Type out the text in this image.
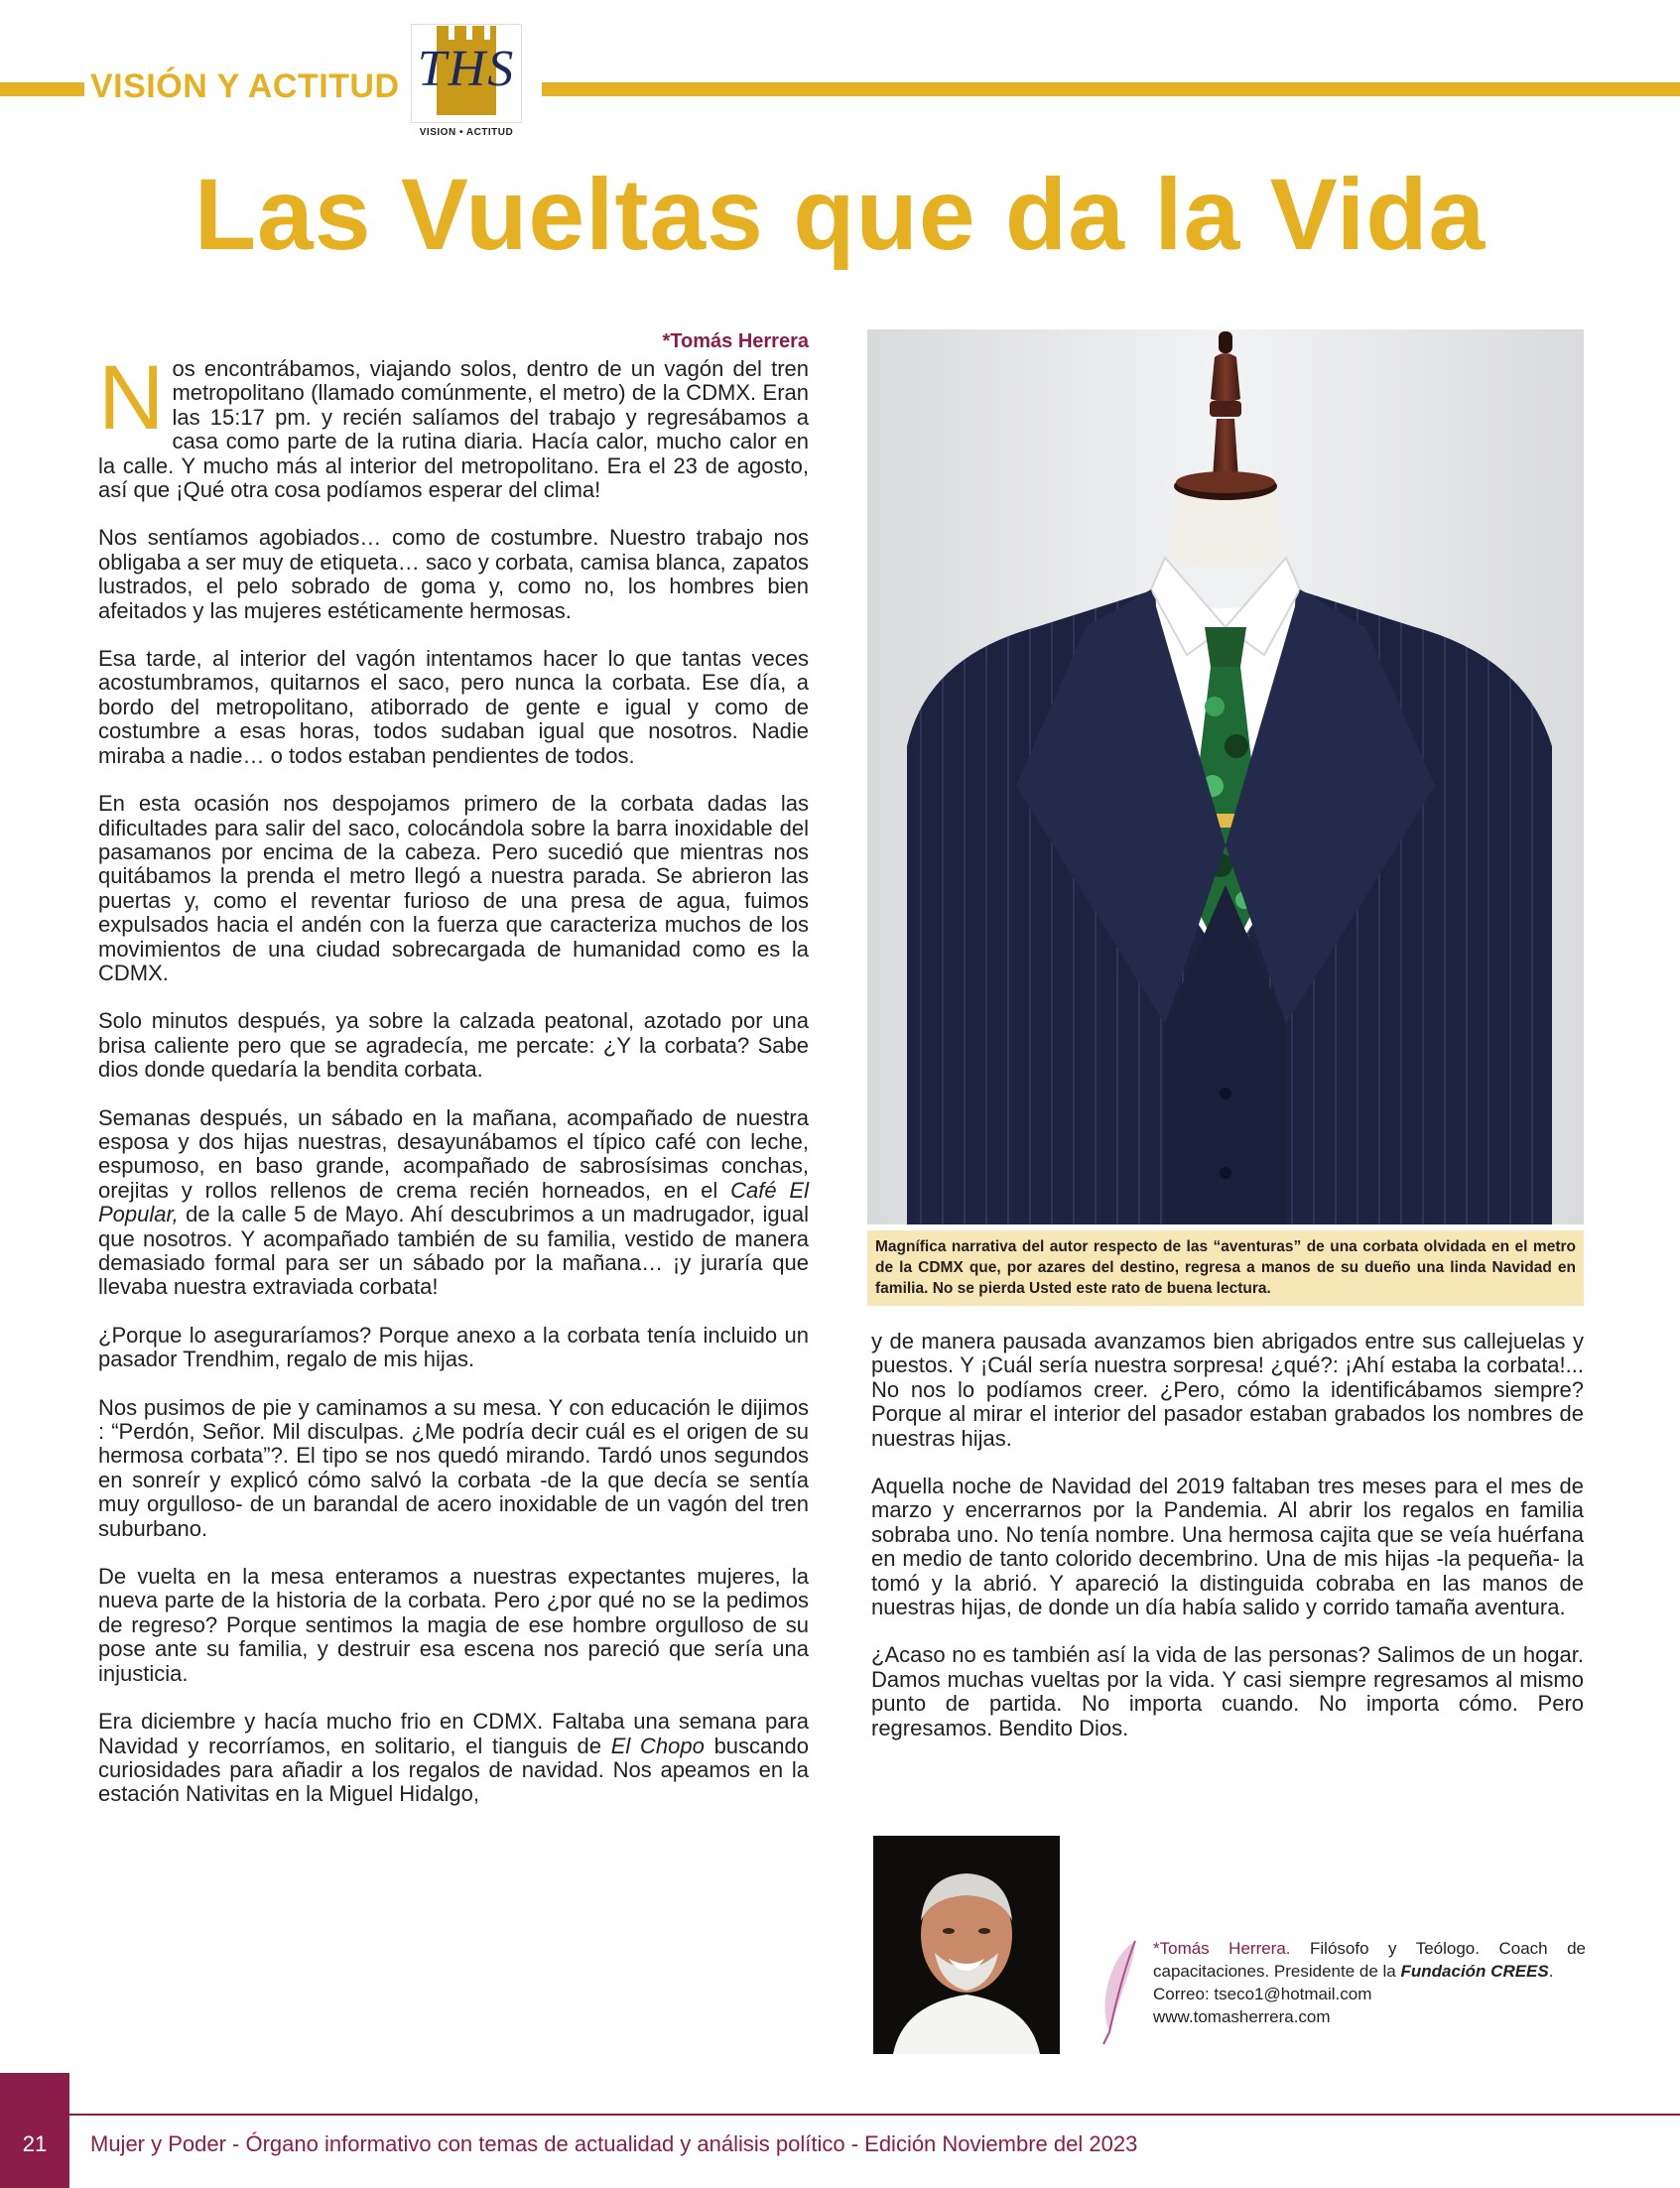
VISIÓN Y ACTITUD THS
VISION • ACTITUD
Las Vueltas que da la Vida
*Tomás Herrera

Nos encontrábamos, viajando solos, dentro de un vagón del tren metropolitano (llamado comúnmente, el metro) de la CDMX. Eran las 15:17 pm. y recién salíamos del trabajo y regresábamos a casa como parte de la rutina diaria. Hacía calor, mucho calor en la calle. Y mucho más al interior del metropolitano. Era el 23 de agosto, así que ¡Qué otra cosa podíamos esperar del clima!

Nos sentíamos agobiados… como de costumbre. Nuestro trabajo nos obligaba a ser muy de etiqueta… saco y corbata, camisa blanca, zapatos lustrados, el pelo sobrado de goma y, como no, los hombres bien afeitados y las mujeres estéticamente hermosas.

Esa tarde, al interior del vagón intentamos hacer lo que tantas veces acostumbramos, quitarnos el saco, pero nunca la corbata. Ese día, a bordo del metropolitano, atiborrado de gente e igual y como de costumbre a esas horas, todos sudaban igual que nosotros. Nadie miraba a nadie… o todos estaban pendientes de todos.

En esta ocasión nos despojamos primero de la corbata dadas las dificultades para salir del saco, colocándola sobre la barra inoxidable del pasamanos por encima de la cabeza. Pero sucedió que mientras nos quitábamos la prenda el metro llegó a nuestra parada. Se abrieron las puertas y, como el reventar furioso de una presa de agua, fuimos expulsados hacia el andén con la fuerza que caracteriza muchos de los movimientos de una ciudad sobrecargada de humanidad como es la CDMX.

Solo minutos después, ya sobre la calzada peatonal, azotado por una brisa caliente pero que se agradecía, me percate: ¿Y la corbata? Sabe dios donde quedaría la bendita corbata.

Semanas después, un sábado en la mañana, acompañado de nuestra esposa y dos hijas nuestras, desayunábamos el típico café con leche, espumoso, en baso grande, acompañado de sabrosísimas conchas, orejitas y rollos rellenos de crema recién horneados, en el Café El Popular, de la calle 5 de Mayo. Ahí descubrimos a un madrugador, igual que nosotros. Y acompañado también de su familia, vestido de manera demasiado formal para ser un sábado por la mañana… ¡y juraría que llevaba nuestra extraviada corbata!

¿Porque lo aseguraríamos? Porque anexo a la corbata tenía incluido un pasador Trendhim, regalo de mis hijas.

Nos pusimos de pie y caminamos a su mesa. Y con educación le dijimos : “Perdón, Señor. Mil disculpas. ¿Me podría decir cuál es el origen de su hermosa corbata”?. El tipo se nos quedó mirando. Tardó unos segundos en sonreír y explicó cómo salvó la corbata -de la que decía se sentía muy orgulloso- de un barandal de acero inoxidable de un vagón del tren suburbano.

De vuelta en la mesa enteramos a nuestras expectantes mujeres, la nueva parte de la historia de la corbata. Pero ¿por qué no se la pedimos de regreso? Porque sentimos la magia de ese hombre orgulloso de su pose ante su familia, y destruir esa escena nos pareció que sería una injusticia.

Era diciembre y hacía mucho frio en CDMX. Faltaba una semana para Navidad y recorríamos, en solitario, el tianguis de El Chopo buscando curiosidades para añadir a los regalos de navidad. Nos apeamos en la estación Nativitas en la Miguel Hidalgo,

Magnífica narrativa del autor respecto de las “aventuras” de una corbata olvidada en el metro de la CDMX que, por azares del destino, regresa a manos de su dueño una linda Navidad en familia. No se pierda Usted este rato de buena lectura.

y de manera pausada avanzamos bien abrigados entre sus callejuelas y puestos. Y ¡Cuál sería nuestra sorpresa! ¿qué?: ¡Ahí estaba la corbata!... No nos lo podíamos creer. ¿Pero, cómo la identificábamos siempre? Porque al mirar el interior del pasador estaban grabados los nombres de nuestras hijas.

Aquella noche de Navidad del 2019 faltaban tres meses para el mes de marzo y encerrarnos por la Pandemia. Al abrir los regalos en familia sobraba uno. No tenía nombre. Una hermosa cajita que se veía huérfana en medio de tanto colorido decembrino. Una de mis hijas -la pequeña- la tomó y la abrió. Y apareció la distinguida cobraba en las manos de nuestras hijas, de donde un día había salido y corrido tamaña aventura.

¿Acaso no es también así la vida de las personas? Salimos de un hogar. Damos muchas vueltas por la vida. Y casi siempre regresamos al mismo punto de partida. No importa cuando. No importa cómo. Pero regresamos. Bendito Dios.

*Tomás Herrera. Filósofo y Teólogo. Coach de capacitaciones. Presidente de la Fundación CREES.
Correo: tseco1@hotmail.com
www.tomasherrera.com
21	Mujer y Poder - Órgano informativo con temas de actualidad y análisis político - Edición Noviembre del 2023
